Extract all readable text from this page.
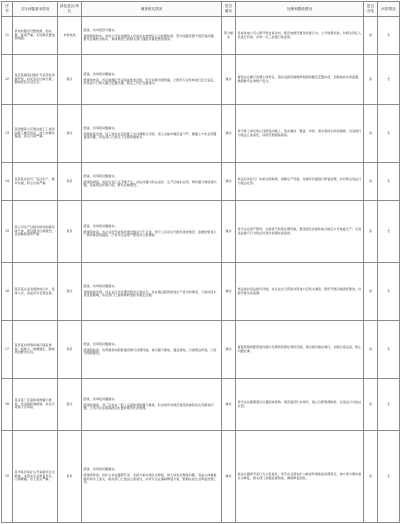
序号	交办问题基本情况	涉及县区/单位	调查核实情况	是否属实	处理和整改情况	是否办结	问责情况
11	供电局随意设置电源、乱收费、窝案严重，无权限设置电源线路。	市供电局	经查，该举报部分属实。
现场调查核实，供电公司在电源接入中存在未按规定公示收费标准、部分线路设置不规范等问题，群众反映较为集中，具体情况已向相关部门通报并督促整改落实。	部分属实	责成供电公司立即开展自查自纠，规范电源设置及收费行为，公开收费标准，对相关责任人员进行约谈，并举一反三加强日常监管。	是	无
12	某区某镇某村煤矿开采导致房屋开裂，村民多次反映无果，影响居民生活安全。	某区	经查，该举报问题属实。
经现场核查，该区域煤矿开采造成地表沉陷，部分房屋出现裂缝，已组织专业机构进行安全鉴定，涉及农户已纳入搬迁安置范围，相关工作正在推进中。	属实	督促企业履行治理主体责任，落实受损房屋维修加固和搬迁安置补偿，加强地质灾害监测，确保群众生命财产安全。	是	无
13	某街道某小区周边施工工地夜间施工噪音扰民，渣土车辆未覆盖，扬尘污染严重。	某区	经查，该举报问题属实。
现场检查发现，该工地存在夜间施工未办理相关手续、渣土运输车辆苫盖不严、裸露土方未全部覆盖等问题，执法部门已依法下达整改通知书。	属实	责令施工单位停止违规夜间施工，落实围挡、覆盖、冲洗、洒水等扬尘防控措施，对违规行为依法立案查处，持续开展跟踪督查。	是	无
14	某县某乡砂石厂违法生产，破坏河道，粉尘污染严重。	某县	经查，该举报问题属实。
经现场调查，该砂石加工点手续不全，存在河道内非法采砂、生产区域未密闭、物料露天堆放等问题，造成周边环境污染，群众反映强烈。	属实	依法对该砂石厂实施关停取缔，拆除生产设备，对破坏河道进行修复治理，并对相关违法行为依法处罚。	是	无
15	某公司生产过程中排放刺鼻异味气体，周边群众反映强烈，夜间偷排现象严重。	某县	经查，该举报问题属实。
经现场检查，该企业废气收集处理设施运行不正常，部分工序存在无组织排放情况，监测结果显示厂界异味浓度超标，已责令企业停产整改并立案调查。	属实	责令企业停产整改，完善废气收集处理设施，整改到位并经验收合格后方可恢复生产；对其违法排污行为依法处罚并加强在线监控。	是	无
16	某区某企业违规排放污水，直排入河，造成河水发黑发臭。	某区	经查，该举报问题属实。
现场核查发现，该企业污水处理设施未正常运行，存在通过暗管排放生产废水的情况，下游河段水质受到影响，执法部门已现场取样送检并固定证据。	属实	依法查封违法排污设施，对企业处以罚款并移送公安机关调查；组织开展河道清淤整治，持续开展水质监测。	是	无
17	某县某村养殖场粪污随意排放，臭味大，蚊蝇滋生，影响周边群众生活。	某县	经查，该举报问题属实。
经现场检查，该养殖场未配套建设粪污处理设施，粪污露天堆放、随意排放，污染周边环境，已责令限期整改。	属实	督促养殖场配套建设粪污处理和资源化利用设施，清运现有堆存粪污，加强日常巡查，防止问题反弹。	是	无
18	某区某厂区固体废物露天堆放，未采取防渗措施，存在污染地下水风险。	某区	经查，该举报问题属实。
经现场调查，该厂区存在一般工业固体废物露天堆放、贮存场所未规范建设防渗防流失设施等问题，已责令企业限期清运处置并规范贮存管理。	属实	责令企业限期清运处置固体废物，规范建设贮存场所，建立台账管理制度，对违法行为依法处罚。	是	无
19	某市某县某矿山开采破坏生态植被，未落实生态修复责任，山体裸露，水土流失严重。	某县	经查，该举报问题属实。
经现场核查，该矿山存在越界开采、未按方案实施生态修复、排土场未治理等问题，造成山体植被破坏和水土流失，相关部门已依法立案查处，并责令企业编制修复方案，限期完成生态修复治理工作。	属实	依法对越界开采行为立案查处，责令企业落实矿山地质环境恢复治理责任，按方案分期实施生态修复，相关部门加强监督检查，确保修复到位。	是	无
